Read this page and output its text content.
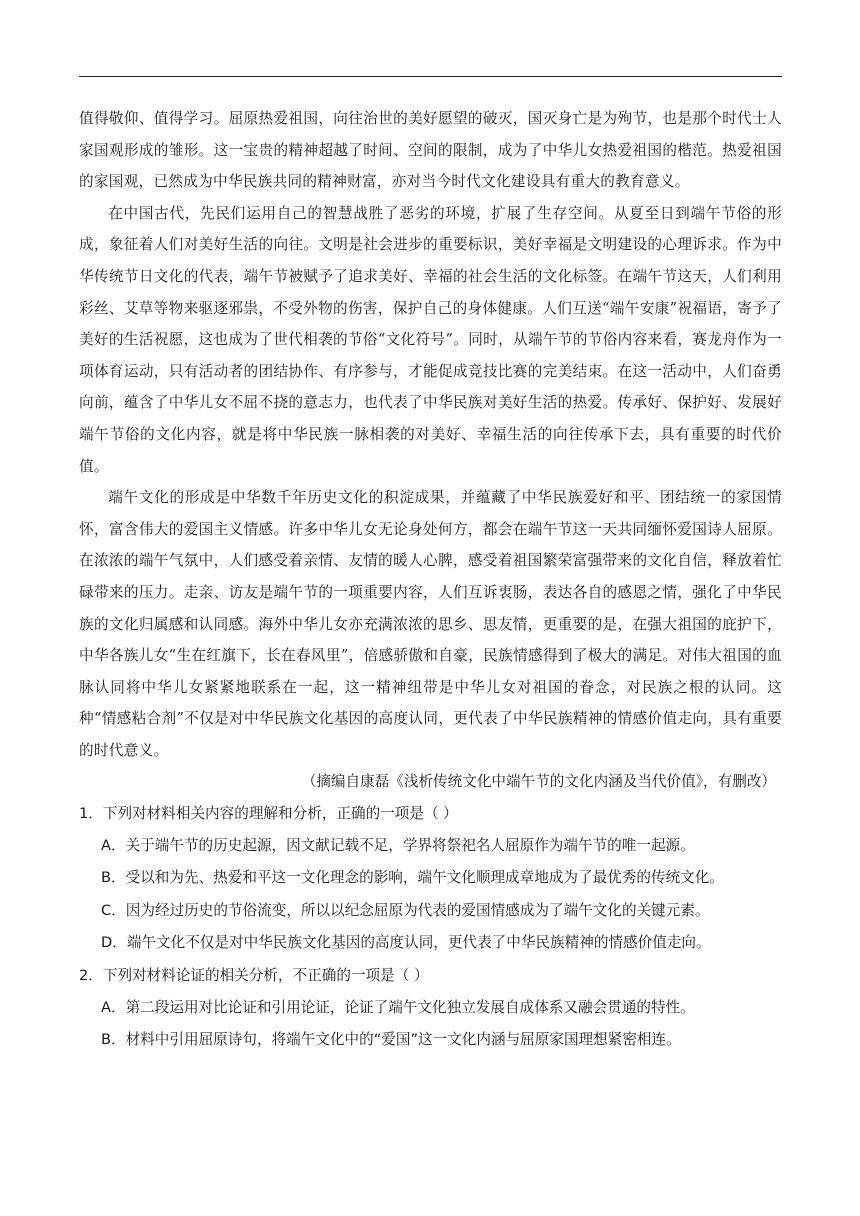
值得敬仰、值得学习。屈原热爱祖国，向往治世的美好愿望的破灭，国灭身亡是为殉节，也是那个时代士人家国观形成的雏形。这一宝贵的精神超越了时间、空间的限制，成为了中华儿女热爱祖国的楷范。热爱祖国的家国观，已然成为中华民族共同的精神财富，亦对当今时代文化建设具有重大的教育意义。

在中国古代，先民们运用自己的智慧战胜了恶劣的环境，扩展了生存空间。从夏至日到端午节俗的形成，象征着人们对美好生活的向往。文明是社会进步的重要标识，美好幸福是文明建设的心理诉求。作为中华传统节日文化的代表，端午节被赋予了追求美好、幸福的社会生活的文化标签。在端午节这天，人们利用彩丝、艾草等物来驱逐邪祟，不受外物的伤害，保护自己的身体健康。人们互送“端午安康”祝福语，寄予了美好的生活祝愿，这也成为了世代相袭的节俗“文化符号”。同时，从端午节的节俗内容来看，赛龙舟作为一项体育运动，只有活动者的团结协作、有序参与，才能促成竞技比赛的完美结束。在这一活动中，人们奋勇向前，蕴含了中华儿女不屈不挠的意志力，也代表了中华民族对美好生活的热爱。传承好、保护好、发展好端午节俗的文化内容，就是将中华民族一脉相袭的对美好、幸福生活的向往传承下去，具有重要的时代价值。

端午文化的形成是中华数千年历史文化的积淀成果，并蕴藏了中华民族爱好和平、团结统一的家国情怀，富含伟大的爱国主义情感。许多中华儿女无论身处何方，都会在端午节这一天共同缅怀爱国诗人屈原。在浓浓的端午气氛中，人们感受着亲情、友情的暖人心脾，感受着祖国繁荣富强带来的文化自信，释放着忙碌带来的压力。走亲、访友是端午节的一项重要内容，人们互诉衷肠，表达各自的感恩之情，强化了中华民族的文化归属感和认同感。海外中华儿女亦充满浓浓的思乡、思友情，更重要的是，在强大祖国的庇护下，中华各族儿女“生在红旗下，长在春风里”，倍感骄傲和自豪，民族情感得到了极大的满足。对伟大祖国的血脉认同将中华儿女紧紧地联系在一起，这一精神纽带是中华儿女对祖国的眷念，对民族之根的认同。这种“情感粘合剂”不仅是对中华民族文化基因的高度认同，更代表了中华民族精神的情感价值走向，具有重要的时代意义。

（摘编自康磊《浅析传统文化中端午节的文化内涵及当代价值》，有删改）

1．下列对材料相关内容的理解和分析，正确的一项是（ ）

A．关于端午节的历史起源，因文献记载不足，学界将祭祀名人屈原作为端午节的唯一起源。

B．受以和为先、热爱和平这一文化理念的影响，端午文化顺理成章地成为了最优秀的传统文化。

C．因为经过历史的节俗流变，所以以纪念屈原为代表的爱国情感成为了端午文化的关键元素。

D．端午文化不仅是对中华民族文化基因的高度认同，更代表了中华民族精神的情感价值走向。

2．下列对材料论证的相关分析，不正确的一项是（ ）

A．第二段运用对比论证和引用论证，论证了端午文化独立发展自成体系又融会贯通的特性。

B．材料中引用屈原诗句，将端午文化中的“爱国”这一文化内涵与屈原家国理想紧密相连。
